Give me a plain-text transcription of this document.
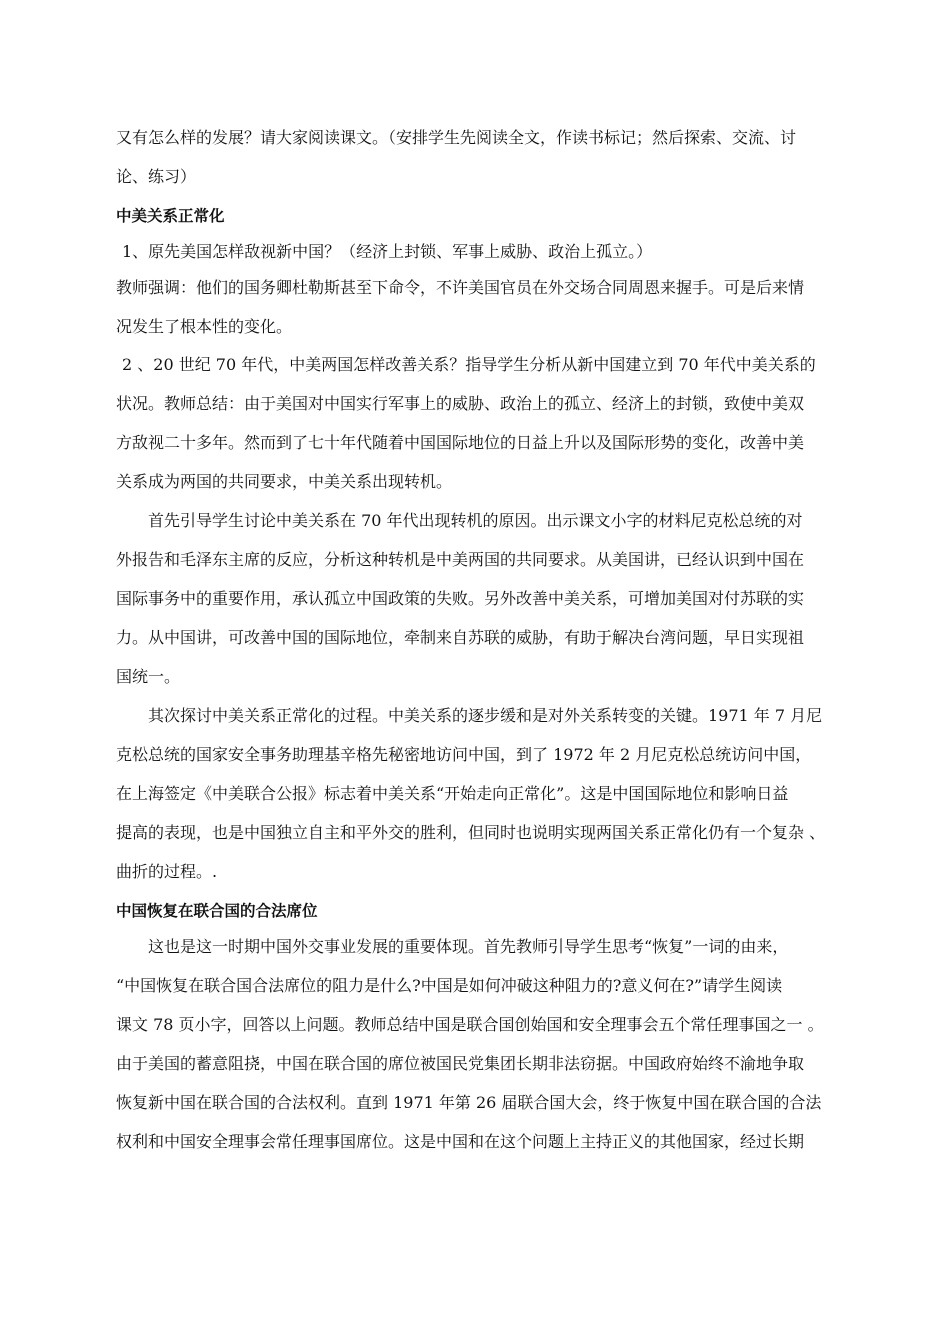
又有怎么样的发展？请大家阅读课文。（安排学生先阅读全文，作读书标记；然后探索、交流、讨

论、练习）

中美关系正常化

1、原先美国怎样敌视新中国？（经济上封锁、军事上威胁、政治上孤立。）

教师强调：他们的国务卿杜勒斯甚至下命令，不许美国官员在外交场合同周恩来握手。可是后来情

况发生了根本性的变化。

2 、20 世纪 70 年代，中美两国怎样改善关系？指导学生分析从新中国建立到 70 年代中美关系的

状况。教师总结：由于美国对中国实行军事上的威胁、政治上的孤立、经济上的封锁，致使中美双

方敌视二十多年。然而到了七十年代随着中国国际地位的日益上升以及国际形势的变化，改善中美

关系成为两国的共同要求，中美关系出现转机。

首先引导学生讨论中美关系在 70 年代出现转机的原因。出示课文小字的材料尼克松总统的对

外报告和毛泽东主席的反应，分析这种转机是中美两国的共同要求。从美国讲，已经认识到中国在

国际事务中的重要作用，承认孤立中国政策的失败。另外改善中美关系，可增加美国对付苏联的实

力。从中国讲，可改善中国的国际地位，牵制来自苏联的威胁，有助于解决台湾问题，早日实现祖

国统一。

其次探讨中美关系正常化的过程。中美关系的逐步缓和是对外关系转变的关键。1971 年 7 月尼

克松总统的国家安全事务助理基辛格先秘密地访问中国，到了 1972 年 2 月尼克松总统访问中国，

在上海签定《中美联合公报》标志着中美关系“开始走向正常化”。这是中国国际地位和影响日益

提高的表现，也是中国独立自主和平外交的胜利，但同时也说明实现两国关系正常化仍有一个复杂 、

曲折的过程。.

中国恢复在联合国的合法席位

这也是这一时期中国外交事业发展的重要体现。首先教师引导学生思考“恢复”一词的由来，

“中国恢复在联合国合法席位的阻力是什么?中国是如何冲破这种阻力的?意义何在?”请学生阅读

课文 78 页小字，回答以上问题。教师总结中国是联合国创始国和安全理事会五个常任理事国之一 。

由于美国的蓄意阻挠，中国在联合国的席位被国民党集团长期非法窃据。中国政府始终不渝地争取

恢复新中国在联合国的合法权利。直到 1971 年第 26 届联合国大会，终于恢复中国在联合国的合法

权利和中国安全理事会常任理事国席位。这是中国和在这个问题上主持正义的其他国家，经过长期
